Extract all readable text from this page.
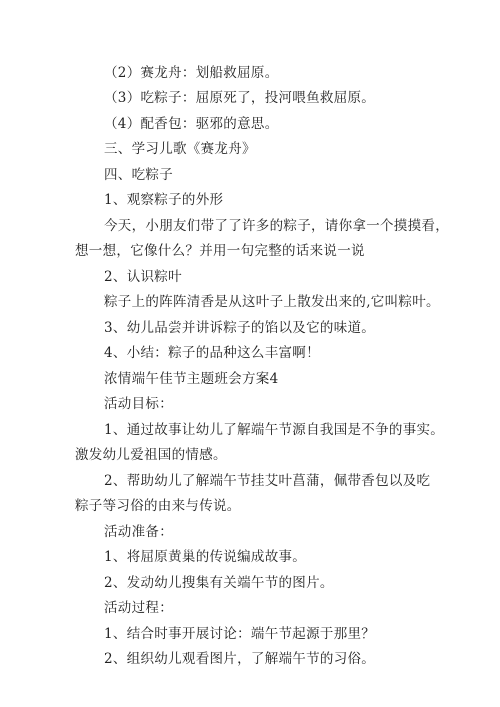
（2）赛龙舟：划船救屈原。
（3）吃粽子：屈原死了，投河喂鱼救屈原。
（4）配香包：驱邪的意思。
三、学习儿歌《赛龙舟》
四、吃粽子
1、观察粽子的外形
今天，小朋友们带了了许多的粽子，请你拿一个摸摸看，
想一想，它像什么？并用一句完整的话来说一说
2、认识粽叶
粽子上的阵阵清香是从这叶子上散发出来的,它叫粽叶。
3、幼儿品尝并讲诉粽子的馅以及它的味道。
4、小结：粽子的品种这么丰富啊！
浓情端午佳节主题班会方案4
活动目标：
1、通过故事让幼儿了解端午节源自我国是不争的事实。
激发幼儿爱祖国的情感。
2、帮助幼儿了解端午节挂艾叶菖蒲，佩带香包以及吃
粽子等习俗的由来与传说。
活动准备：
1、将屈原黄巢的传说编成故事。
2、发动幼儿搜集有关端午节的图片。
活动过程：
1、结合时事开展讨论：端午节起源于那里？
2、组织幼儿观看图片，了解端午节的习俗。
